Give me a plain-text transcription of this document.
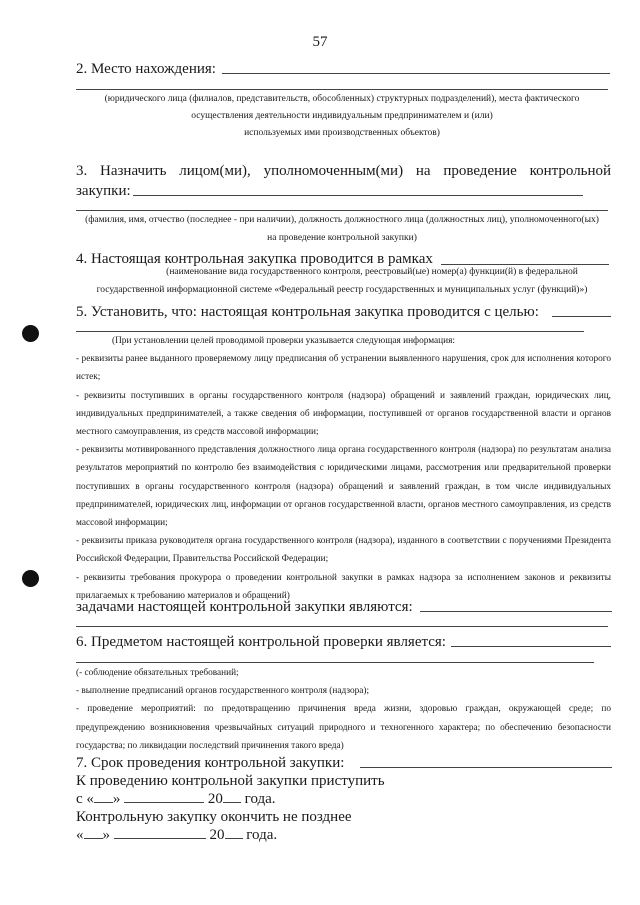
57
2. Место нахождения:
(юридического лица (филиалов, представительств, обособленных) структурных подразделений), места фактического
осуществления деятельности индивидуальным предпринимателем и (или)
используемых ими производственных объектов)
3. Назначить лицом(ми), уполномоченным(ми) на проведение контрольной
закупки:
(фамилия, имя, отчество (последнее - при наличии), должность должностного лица (должностных лиц), уполномоченного(ых)
на проведение контрольной закупки)
4. Настоящая контрольная закупка проводится в рамках
(наименование вида государственного контроля, реестровый(ые) номер(а) функции(й) в федеральной
государственной информационной системе «Федеральный реестр государственных и муниципальных услуг (функций)»)
5. Установить, что: настоящая контрольная закупка проводится с целью:

(При установлении целей проводимой проверки указывается следующая информация:

- реквизиты ранее выданного проверяемому лицу предписания об устранении выявленного нарушения, срок для исполнения которого истек;

- реквизиты поступивших в органы государственного контроля (надзора) обращений и заявлений граждан, юридических лиц, индивидуальных предпринимателей, а также сведения об информации, поступившей от органов государственной власти и органов местного самоуправления, из средств массовой информации;

- реквизиты мотивированного представления должностного лица органа государственного контроля (надзора) по результатам анализа результатов мероприятий по контролю без взаимодействия с юридическими лицами, рассмотрения или предварительной проверки поступивших в органы государственного контроля (надзора) обращений и заявлений граждан, в том числе индивидуальных предпринимателей, юридических лиц, информации от органов государственной власти, органов местного самоуправления, из средств массовой информации;

- реквизиты приказа руководителя органа государственного контроля (надзора), изданного в соответствии с поручениями Президента Российской Федерации, Правительства Российской Федерации;

- реквизиты требования прокурора о проведении контрольной закупки в рамках надзора за исполнением законов и реквизиты прилагаемых к требованию материалов и обращений)

задачами настоящей контрольной закупки являются:
6. Предметом настоящей контрольной проверки является:

(- соблюдение обязательных требований;

- выполнение предписаний органов государственного контроля (надзора);

- проведение мероприятий: по предотвращению причинения вреда жизни, здоровью граждан, окружающей среде; по предупреждению возникновения чрезвычайных ситуаций природного и техногенного характера; по обеспечению безопасности государства; по ликвидации последствий причинения такого вреда)

7. Срок проведения контрольной закупки:
К проведению контрольной закупки приступить
с « »	20 года.
Контрольную закупку окончить не позднее
« »	20 года.
